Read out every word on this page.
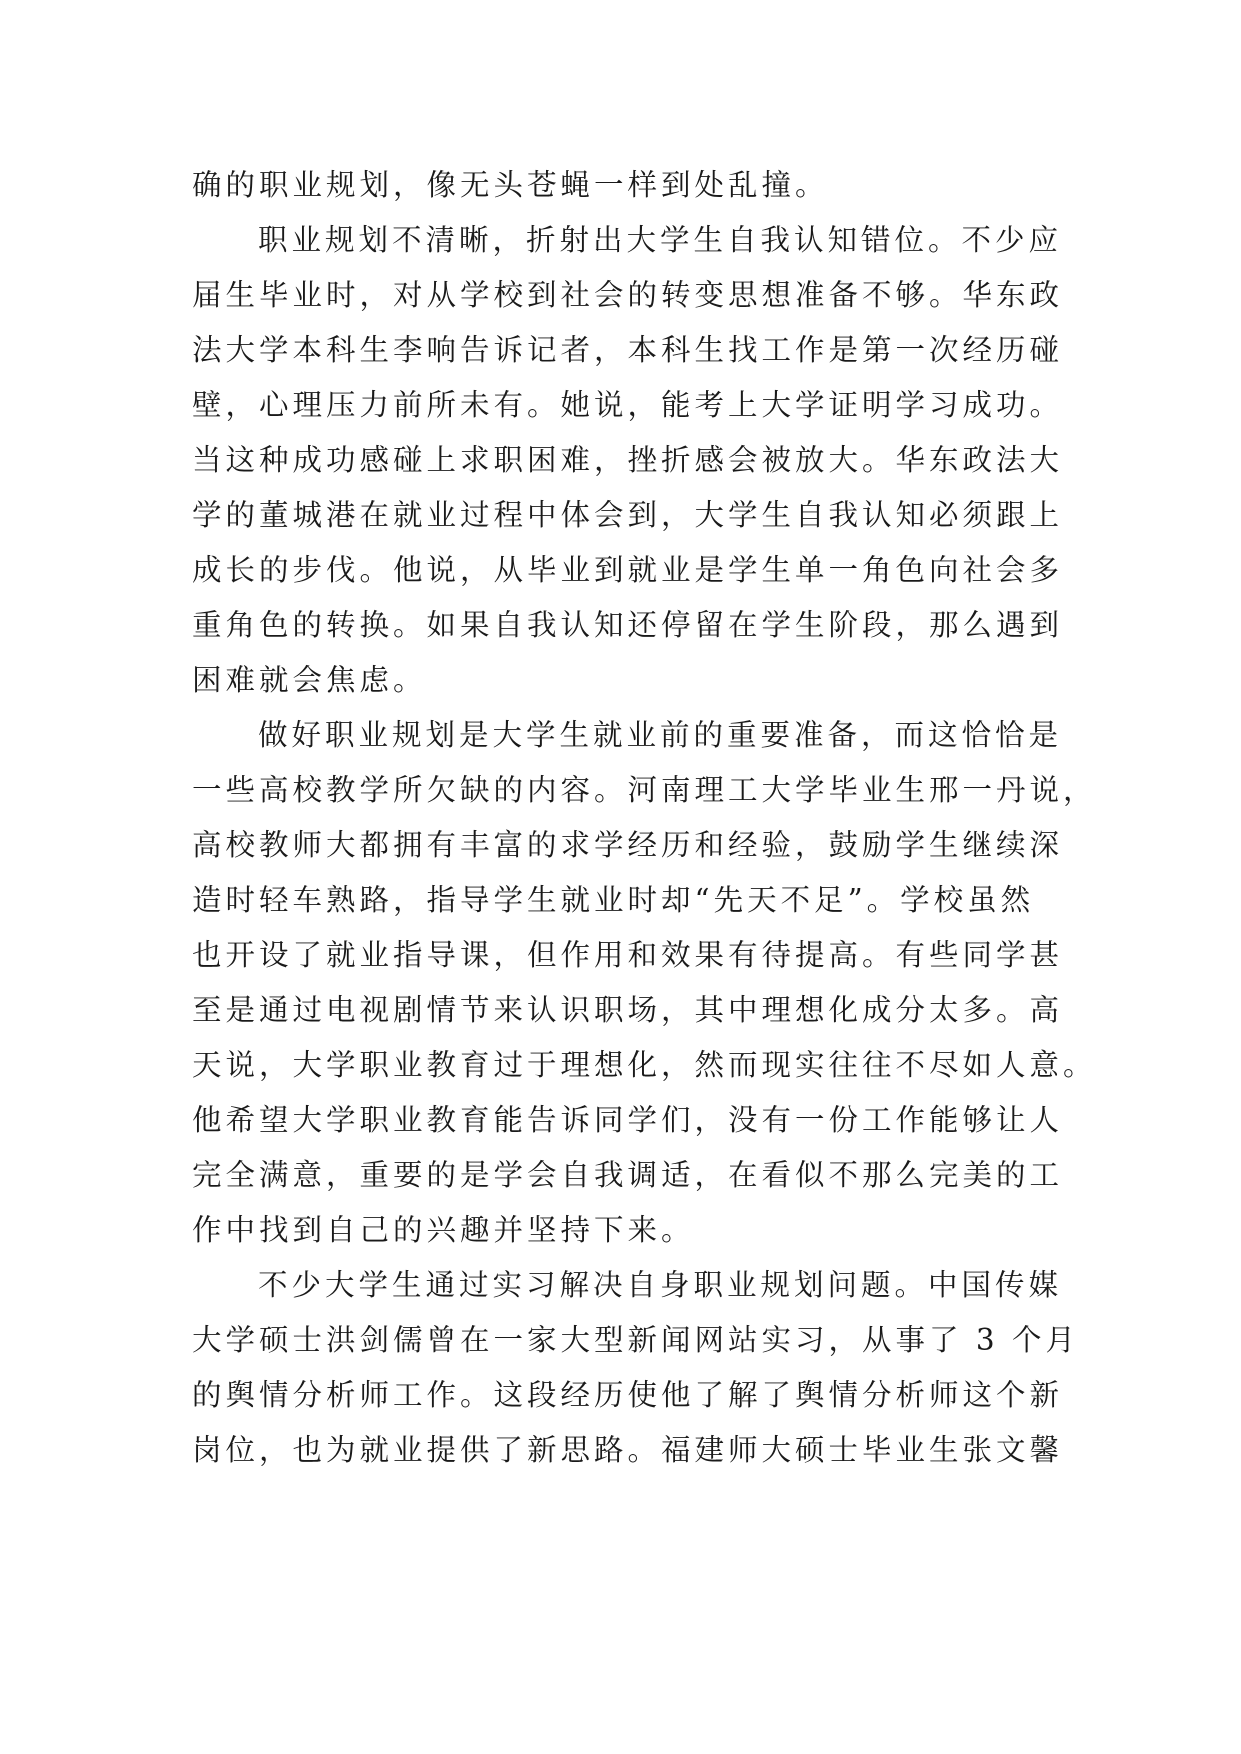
确的职业规划，像无头苍蝇一样到处乱撞。
职业规划不清晰，折射出大学生自我认知错位。不少应
届生毕业时，对从学校到社会的转变思想准备不够。华东政
法大学本科生李响告诉记者，本科生找工作是第一次经历碰
壁，心理压力前所未有。她说，能考上大学证明学习成功。
当这种成功感碰上求职困难，挫折感会被放大。华东政法大
学的董城港在就业过程中体会到，大学生自我认知必须跟上
成长的步伐。他说，从毕业到就业是学生单一角色向社会多
重角色的转换。如果自我认知还停留在学生阶段，那么遇到
困难就会焦虑。
做好职业规划是大学生就业前的重要准备，而这恰恰是
一些高校教学所欠缺的内容。河南理工大学毕业生邢一丹说，
高校教师大都拥有丰富的求学经历和经验，鼓励学生继续深
造时轻车熟路，指导学生就业时却“先天不足”。学校虽然
也开设了就业指导课，但作用和效果有待提高。有些同学甚
至是通过电视剧情节来认识职场，其中理想化成分太多。高
天说，大学职业教育过于理想化，然而现实往往不尽如人意。
他希望大学职业教育能告诉同学们，没有一份工作能够让人
完全满意，重要的是学会自我调适，在看似不那么完美的工
作中找到自己的兴趣并坚持下来。
不少大学生通过实习解决自身职业规划问题。中国传媒
大学硕士洪剑儒曾在一家大型新闻网站实习，从事了 3 个月
的舆情分析师工作。这段经历使他了解了舆情分析师这个新
岗位，也为就业提供了新思路。福建师大硕士毕业生张文馨
